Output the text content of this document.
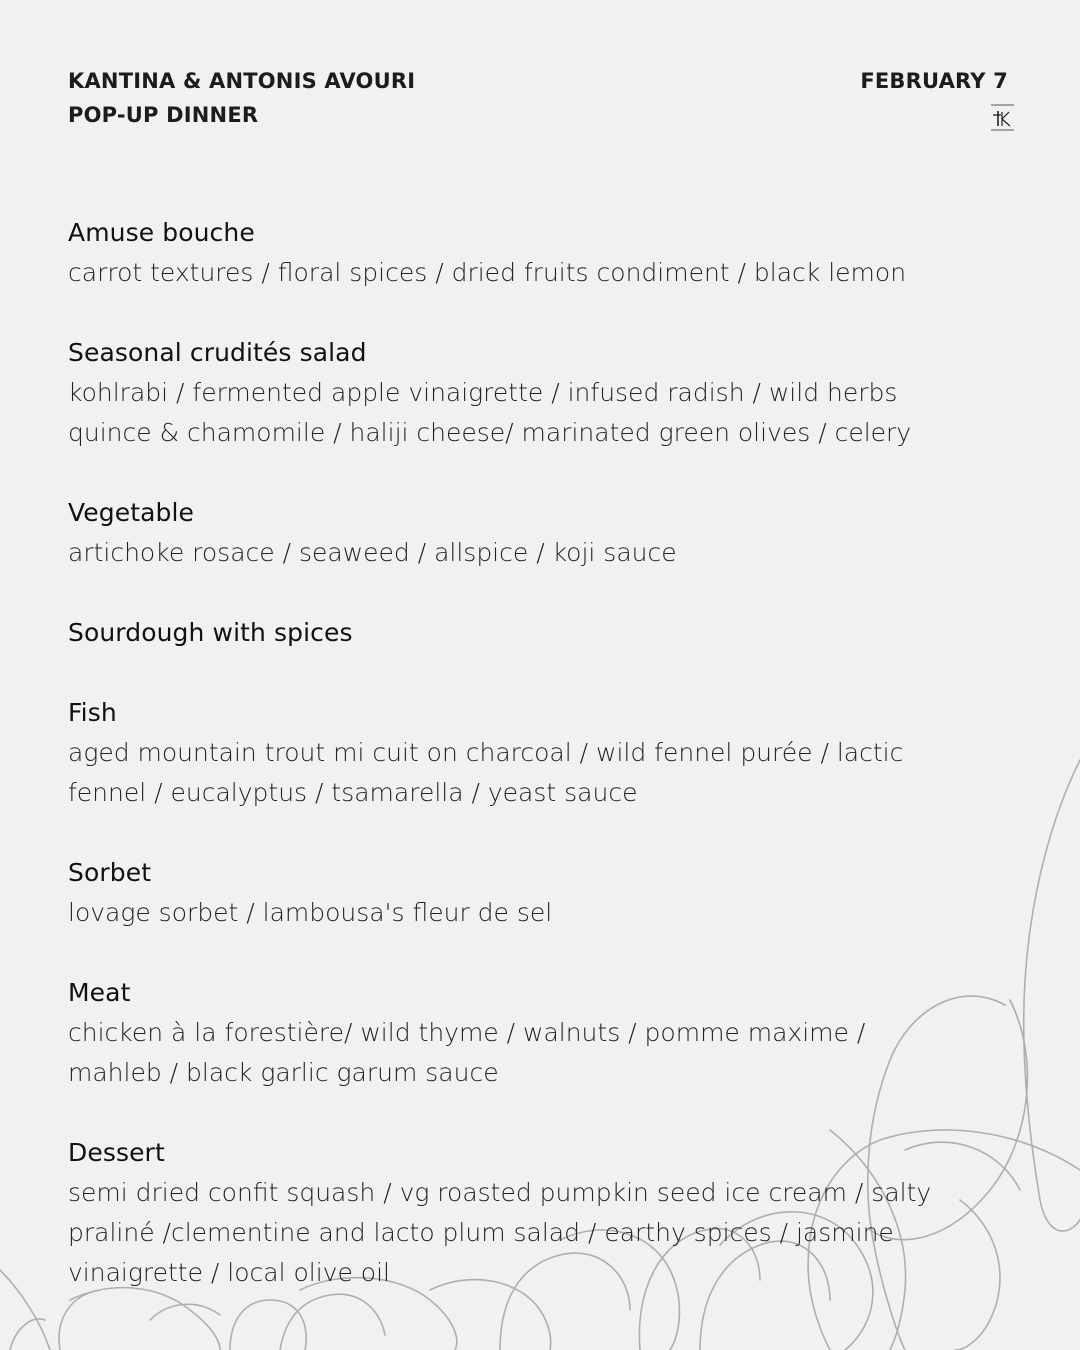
KANTINA & ANTONIS AVOURI
POP-UP DINNER
FEBRUARY 7
Amuse bouche
carrot textures / floral spices / dried fruits condiment / black lemon
Seasonal crudités salad
kohlrabi / fermented apple vinaigrette / infused radish / wild herbs
quince & chamomile / haliji cheese/ marinated green olives / celery
Vegetable
artichoke rosace / seaweed / allspice / koji sauce
Sourdough with spices
Fish
aged mountain trout mi cuit on charcoal / wild fennel purée / lactic
fennel / eucalyptus / tsamarella / yeast sauce
Sorbet
lovage sorbet / lambousa's fleur de sel
Meat
chicken à la forestière/ wild thyme / walnuts / pomme maxime /
mahleb / black garlic garum sauce
Dessert
semi dried confit squash / vg roasted pumpkin seed ice cream / salty
praliné /clementine and lacto plum salad / earthy spices / jasmine
vinaigrette / local olive oil
